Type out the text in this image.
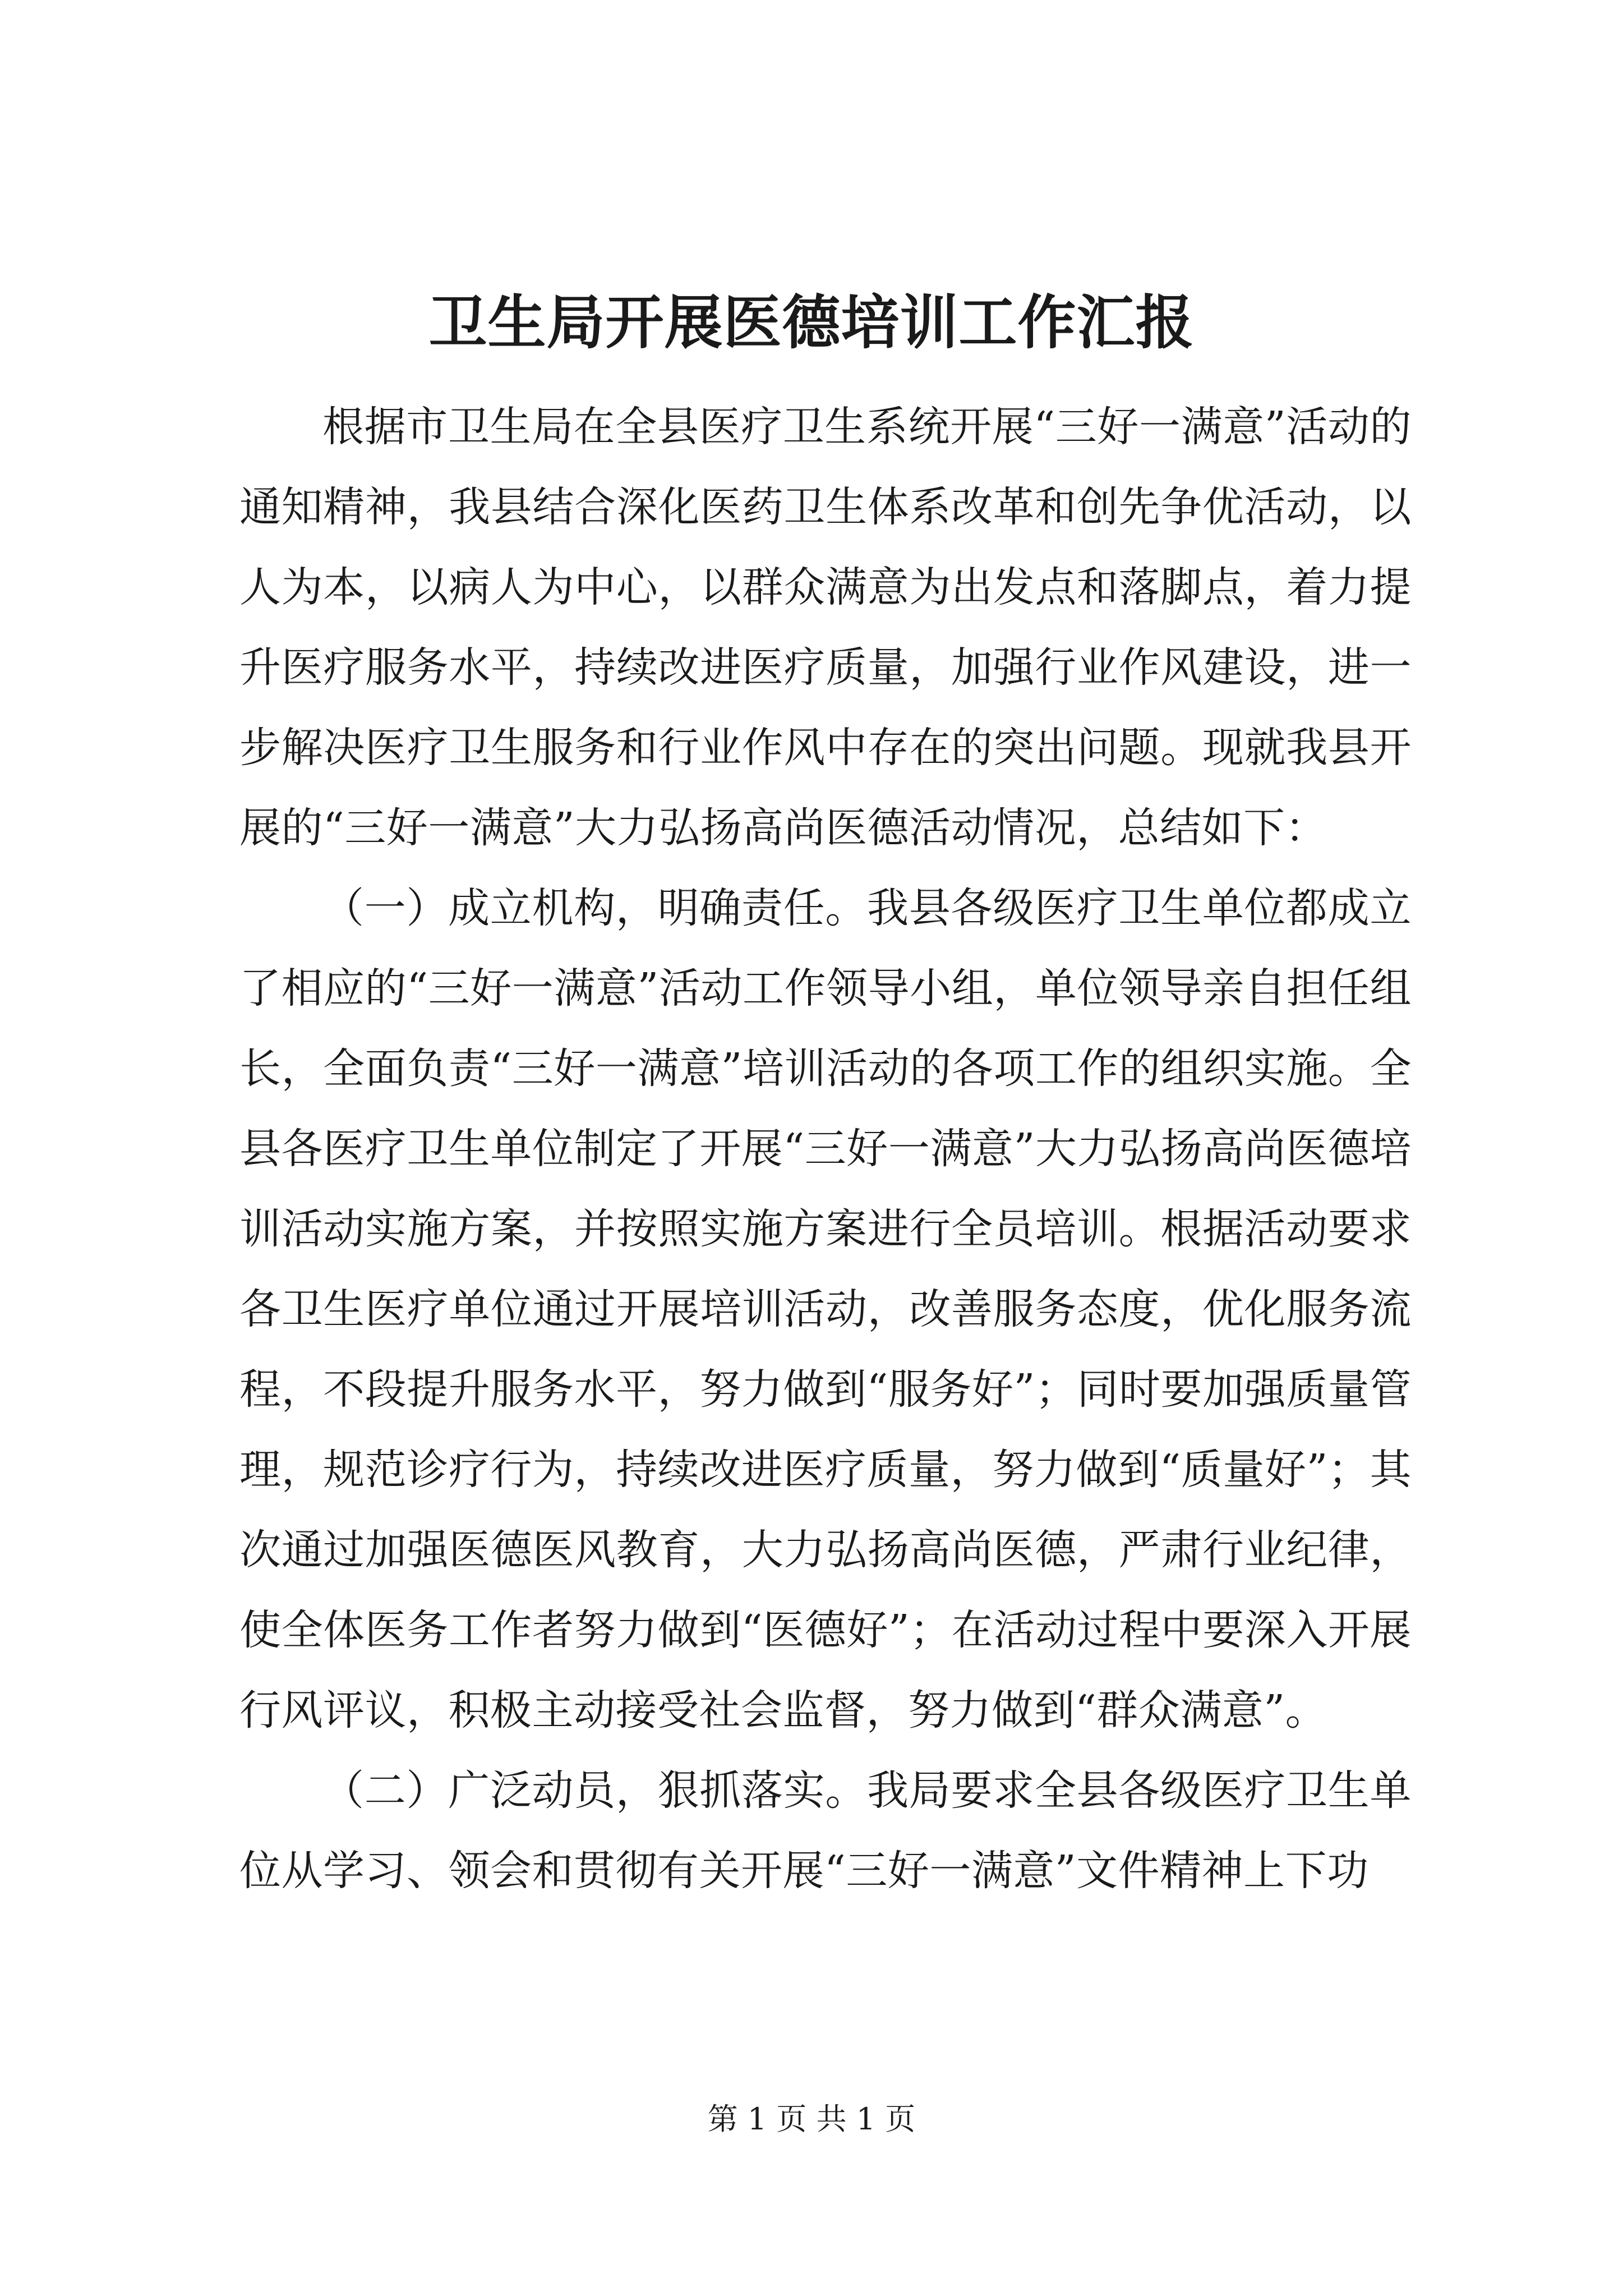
卫生局开展医德培训工作汇报

根据市卫生局在全县医疗卫生系统开展“三好一满意”活动的通知精神，我县结合深化医药卫生体系改革和创先争优活动，以人为本，以病人为中心，以群众满意为出发点和落脚点，着力提升医疗服务水平，持续改进医疗质量，加强行业作风建设，进一步解决医疗卫生服务和行业作风中存在的突出问题。现就我县开展的“三好一满意”大力弘扬高尚医德活动情况，总结如下：

（一）成立机构，明确责任。我县各级医疗卫生单位都成立了相应的“三好一满意”活动工作领导小组，单位领导亲自担任组长，全面负责“三好一满意”培训活动的各项工作的组织实施。全县各医疗卫生单位制定了开展“三好一满意”大力弘扬高尚医德培训活动实施方案，并按照实施方案进行全员培训。根据活动要求各卫生医疗单位通过开展培训活动，改善服务态度，优化服务流程，不段提升服务水平，努力做到“服务好”；同时要加强质量管理，规范诊疗行为，持续改进医疗质量，努力做到“质量好”；其次通过加强医德医风教育，大力弘扬高尚医德，严肃行业纪律，使全体医务工作者努力做到“医德好”；在活动过程中要深入开展行风评议，积极主动接受社会监督，努力做到“群众满意”。

（二）广泛动员，狠抓落实。我局要求全县各级医疗卫生单位从学习、领会和贯彻有关开展“三好一满意”文件精神上下功

第 1 页 共 1 页
